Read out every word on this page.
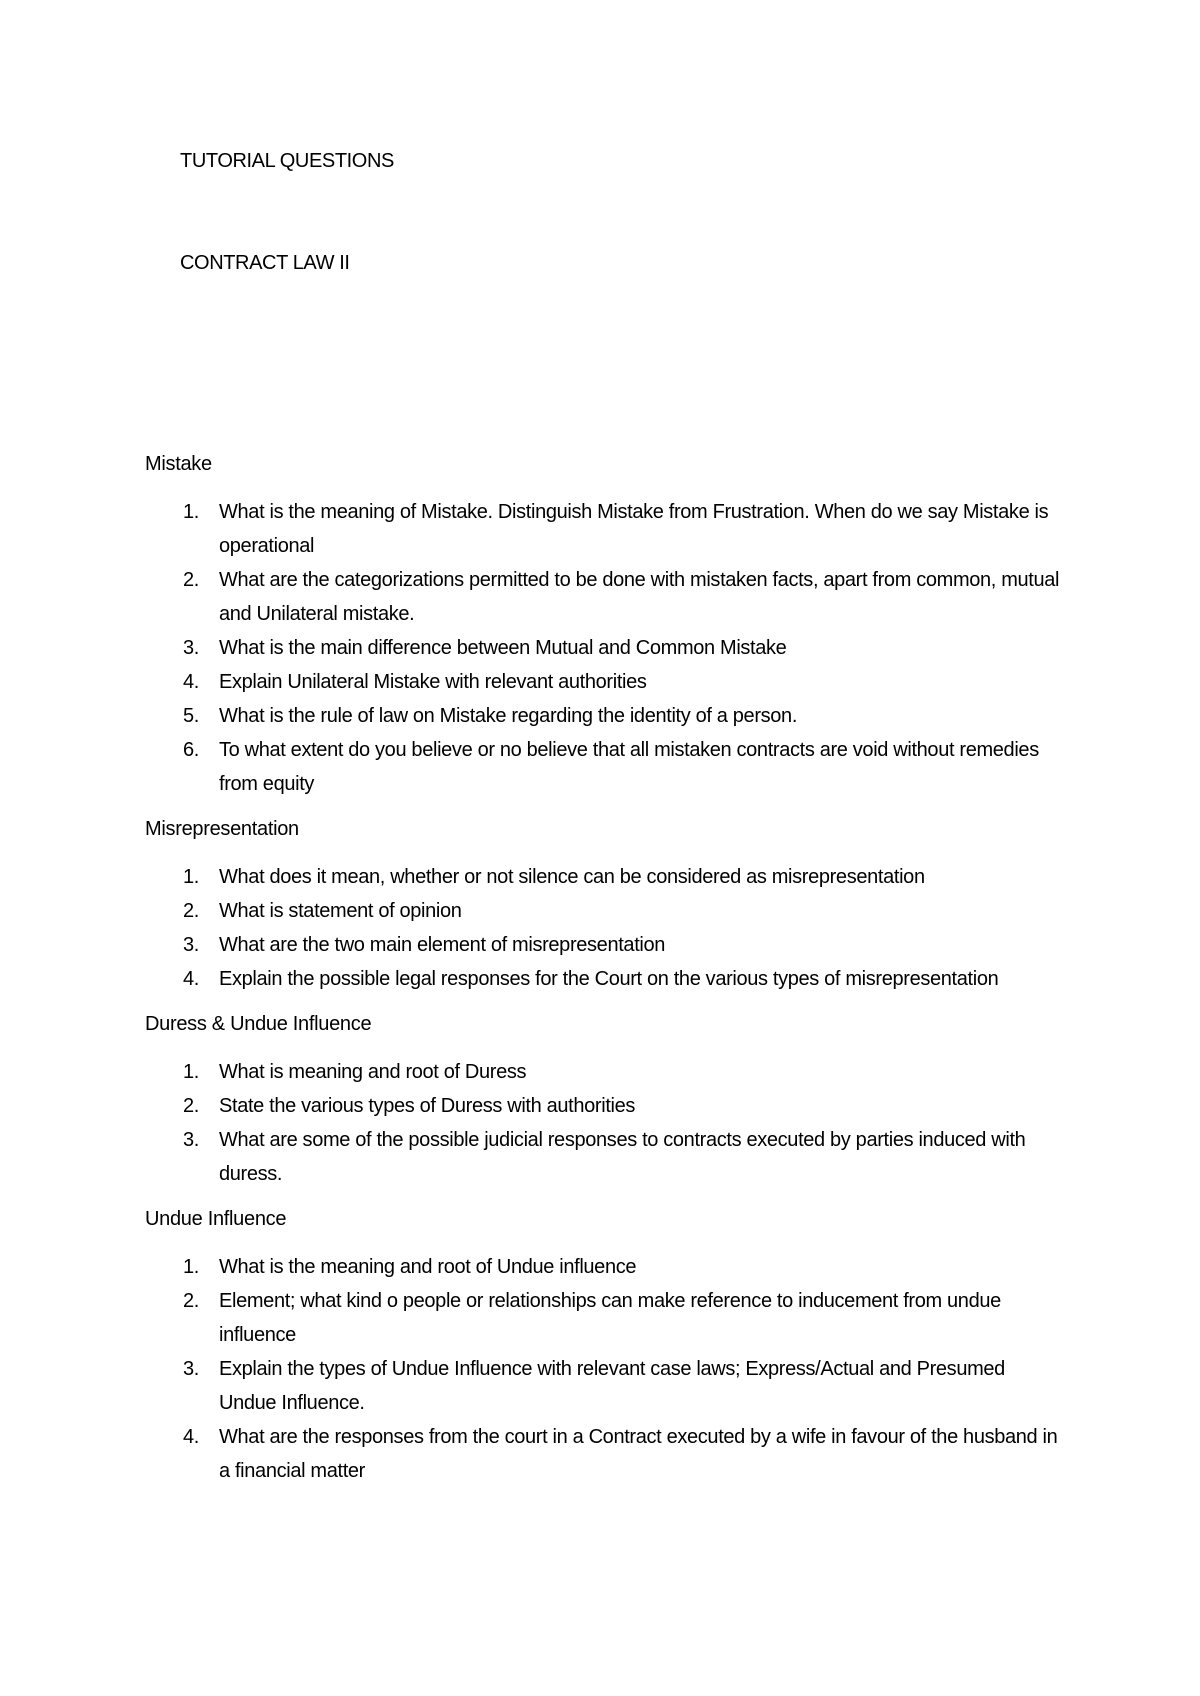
TUTORIAL QUESTIONS
CONTRACT LAW II

Mistake

1. What is the meaning of Mistake. Distinguish Mistake from Frustration. When do we say Mistake is operational
2. What are the categorizations permitted to be done with mistaken facts, apart from common, mutual and Unilateral mistake.
3. What is the main difference between Mutual and Common Mistake
4. Explain Unilateral Mistake with relevant authorities
5. What is the rule of law on Mistake regarding the identity of a person.
6. To what extent do you believe or no believe that all mistaken contracts are void without remedies from equity

Misrepresentation

1. What does it mean, whether or not silence can be considered as misrepresentation
2. What is statement of opinion
3. What are the two main element of misrepresentation
4. Explain the possible legal responses for the Court on the various types of misrepresentation

Duress & Undue Influence

1. What is meaning and root of Duress
2. State the various types of Duress with authorities
3. What are some of the possible judicial responses to contracts executed by parties induced with duress.

Undue Influence

1. What is the meaning and root of Undue influence
2. Element; what kind o people or relationships can make reference to inducement from undue influence
3. Explain the types of Undue Influence with relevant case laws; Express/Actual and Presumed Undue Influence.
4. What are the responses from the court in a Contract executed by a wife in favour of the husband in a financial matter
